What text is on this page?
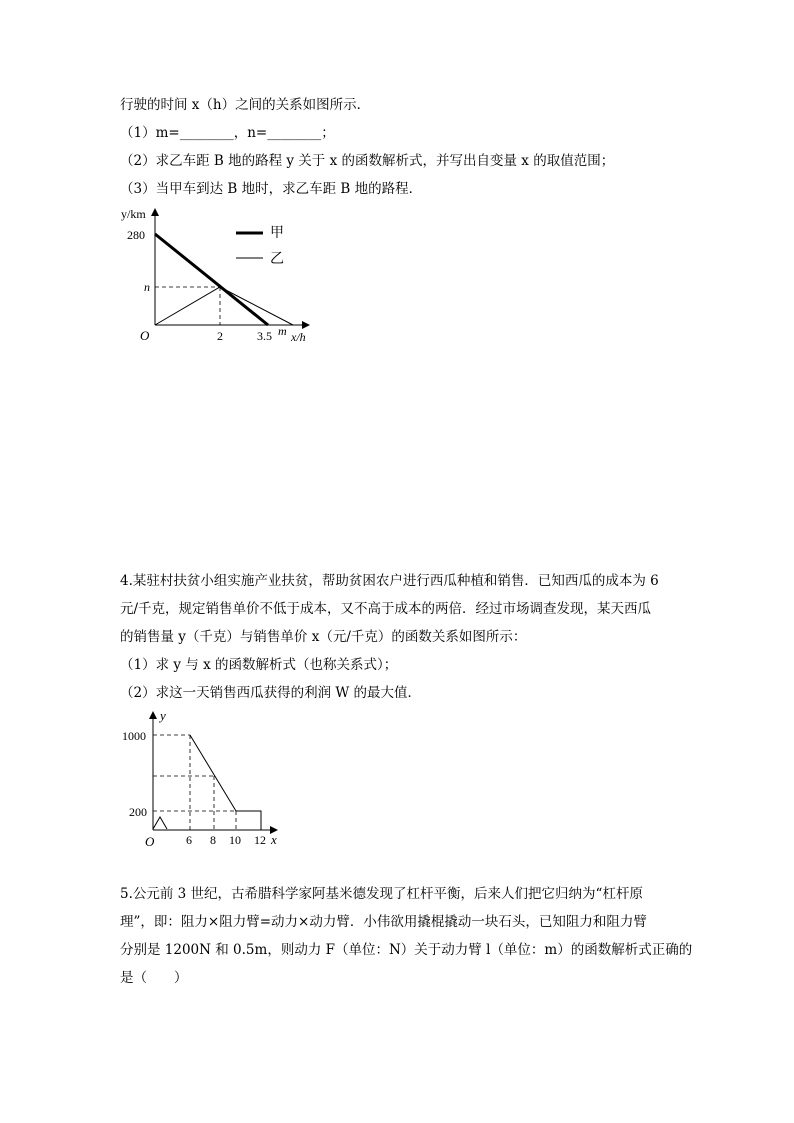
行驶的时间 x（h）之间的关系如图所示．
（1）m=________，n=________；
（2）求乙车距 B 地的路程 y 关于 x 的函数解析式，并写出自变量 x 的取值范围；
（3）当甲车到达 B 地时，求乙车距 B 地的路程．
甲
乙
y/km
280
n
O	2	3.5 m x/h

4.某驻村扶贫小组实施产业扶贫，帮助贫困农户进行西瓜种植和销售．已知西瓜的成本为 6

元/千克，规定销售单价不低于成本，又不高于成本的两倍．经过市场调查发现，某天西瓜

的销售量 y（千克）与销售单价 x（元/千克）的函数关系如图所示：

（1）求 y 与 x 的函数解析式（也称关系式）；

（2）求这一天销售西瓜获得的利润 W 的最大值．

y
1000
200
O	6 8 10 12 x

5.公元前 3 世纪，古希腊科学家阿基米德发现了杠杆平衡，后来人们把它归纳为“杠杆原

理”，即：阻力×阻力臂=动力×动力臂．小伟欲用撬棍撬动一块石头，已知阻力和阻力臂

分别是 1200N 和 0.5m，则动力 F（单位：N）关于动力臂 l（单位：m）的函数解析式正确的

是（　　）
